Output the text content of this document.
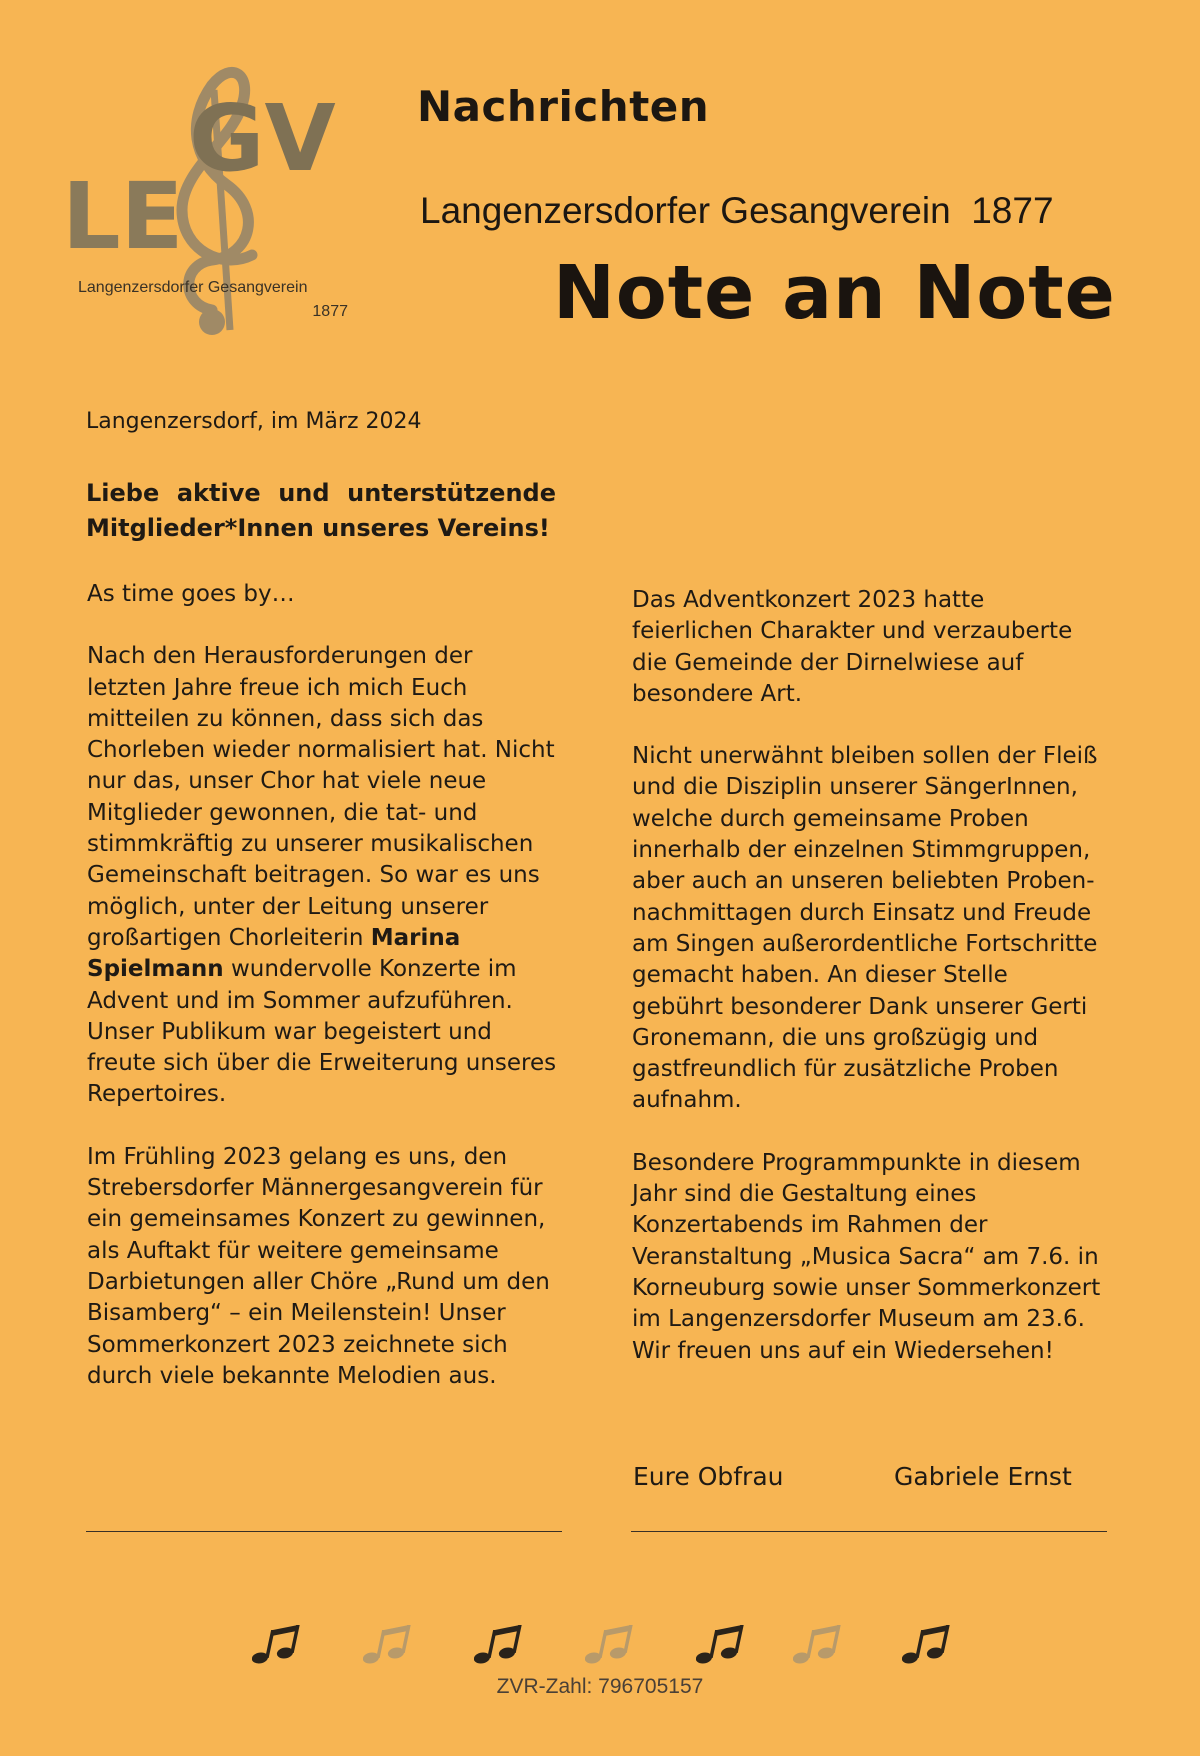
LE
GV
Langenzersdorfer Gesangverein
1877
Nachrichten
Langenzersdorfer Gesangverein  1877
Note an Note
Langenzersdorf, im März 2024
Liebe aktive und unterstützende Mitglieder*Innen unseres Vereins!

As time goes by…

Nach den Herausforderungen der letzten Jahre freue ich mich Euch mitteilen zu können, dass sich das Chorleben wieder normalisiert hat. Nicht nur das, unser Chor hat viele neue Mitglieder gewonnen, die tat- und stimmkräftig zu unserer musikalischen Gemeinschaft beitragen. So war es uns möglich, unter der Leitung unserer großartigen Chorleiterin Marina Spielmann wundervolle Konzerte im Advent und im Sommer aufzuführen. Unser Publikum war begeistert und freute sich über die Erweiterung unseres Repertoires.

Im Frühling 2023 gelang es uns, den Strebersdorfer Männergesangverein für ein gemeinsames Konzert zu gewinnen, als Auftakt für weitere gemeinsame Darbietungen aller Chöre „Rund um den Bisamberg“ – ein Meilenstein! Unser Sommerkonzert 2023 zeichnete sich durch viele bekannte Melodien aus.

Das Adventkonzert 2023 hatte feierlichen Charakter und verzauberte die Gemeinde der Dirnelwiese auf besondere Art.

Nicht unerwähnt bleiben sollen der Fleiß und die Disziplin unserer SängerInnen, welche durch gemeinsame Proben innerhalb der einzelnen Stimmgruppen, aber auch an unseren beliebten Proben- nachmittagen durch Einsatz und Freude am Singen außerordentliche Fortschritte gemacht haben. An dieser Stelle gebührt besonderer Dank unserer Gerti Gronemann, die uns großzügig und gastfreundlich für zusätzliche Proben aufnahm.

Besondere Programmpunkte in diesem Jahr sind die Gestaltung eines Konzertabends im Rahmen der Veranstaltung „Musica Sacra“ am 7.6. in Korneuburg sowie unser Sommerkonzert im Langenzersdorfer Museum am 23.6. Wir freuen uns auf ein Wiedersehen!

Eure Obfrau	Gabriele Ernst
ZVR-Zahl: 796705157
